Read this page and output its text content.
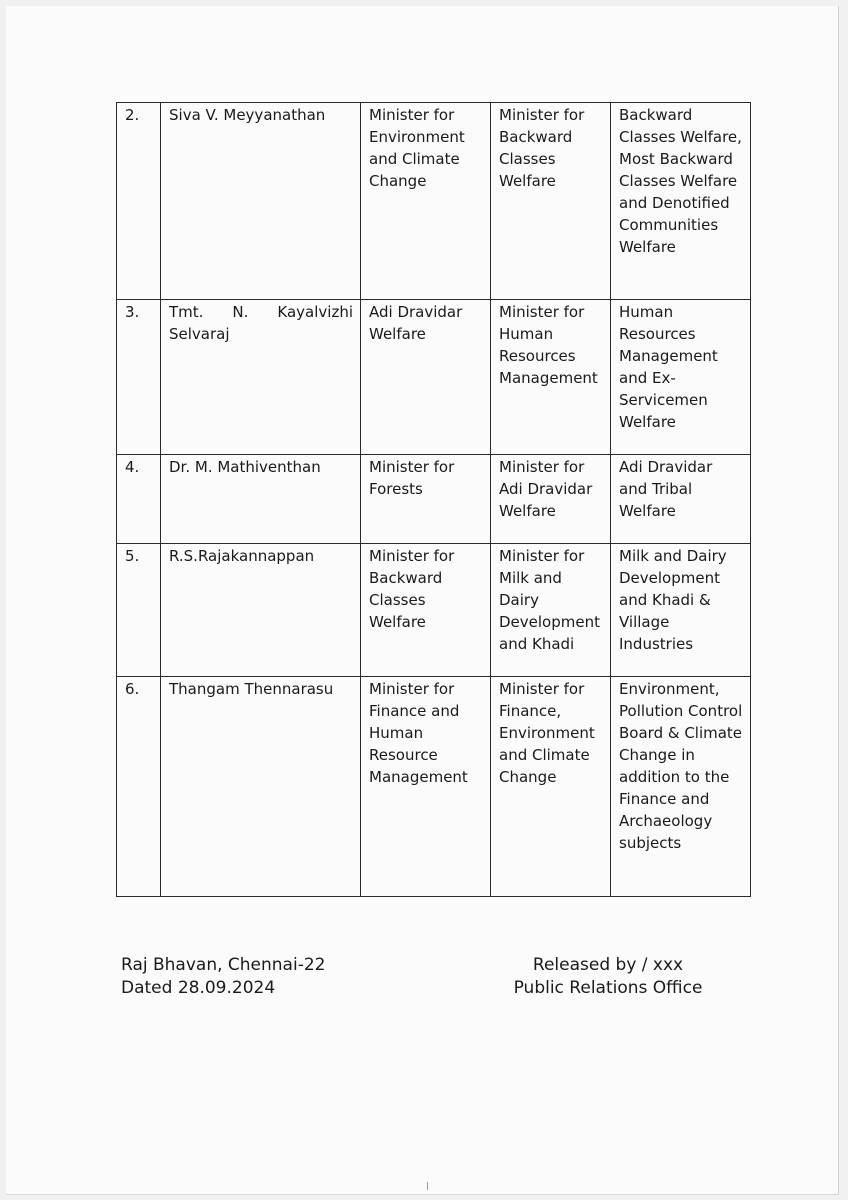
2.	Siva V. Meyyanathan	Minister for Environment and Climate Change	Minister for Backward Classes Welfare	Backward Classes Welfare, Most Backward Classes Welfare and Denotified Communities Welfare
3.	Tmt. N. Kayalvizhi Selvaraj	Adi Dravidar Welfare	Minister for Human Resources Management	Human Resources Management and Ex-Servicemen Welfare
4.	Dr. M. Mathiventhan	Minister for Forests	Minister for Adi Dravidar Welfare	Adi Dravidar and Tribal Welfare
5.	R.S.Rajakannappan	Minister for Backward Classes Welfare	Minister for Milk and Dairy Development and Khadi	Milk and Dairy Development and Khadi & Village Industries
6.	Thangam Thennarasu	Minister for Finance and Human Resource Management	Minister for Finance, Environment and Climate Change	Environment, Pollution Control Board & Climate Change in addition to the Finance and Archaeology subjects
Raj Bhavan, Chennai-22
Dated 28.09.2024
Released by / xxx
Public Relations Office
